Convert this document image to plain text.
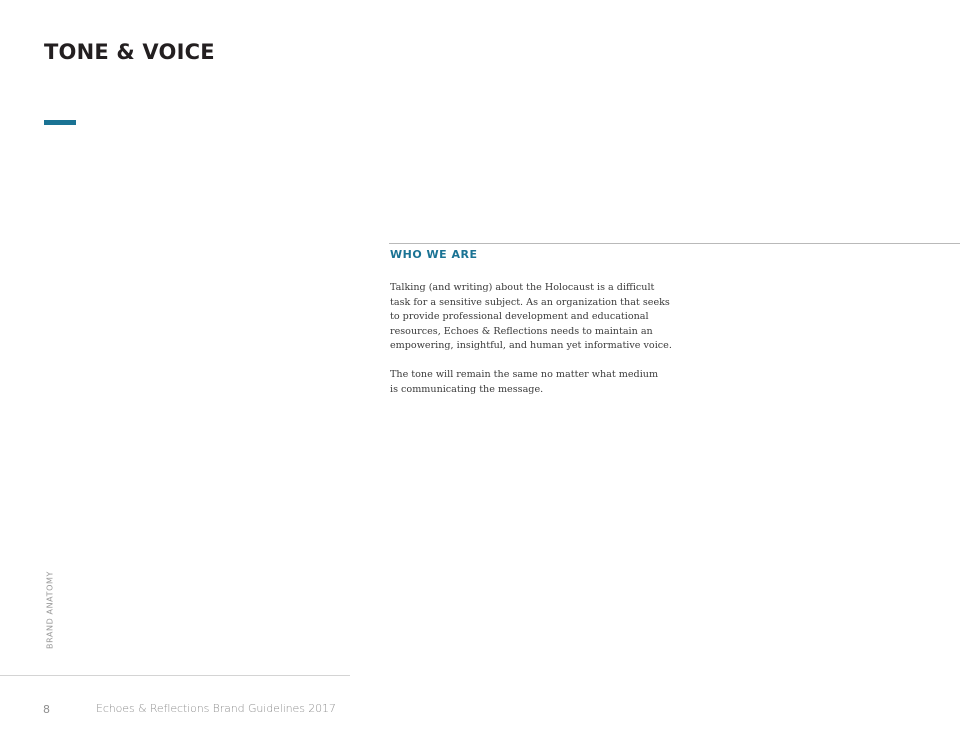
TONE & VOICE
WHO WE ARE

Talking (and writing) about the Holocaust is a difficult
task for a sensitive subject. As an organization that seeks
to provide professional development and educational
resources, Echoes & Reflections needs to maintain an
empowering, insightful, and human yet informative voice.

The tone will remain the same no matter what medium
is communicating the message.

BRAND ANATOMY
8	Echoes & Reflections Brand Guidelines 2017
